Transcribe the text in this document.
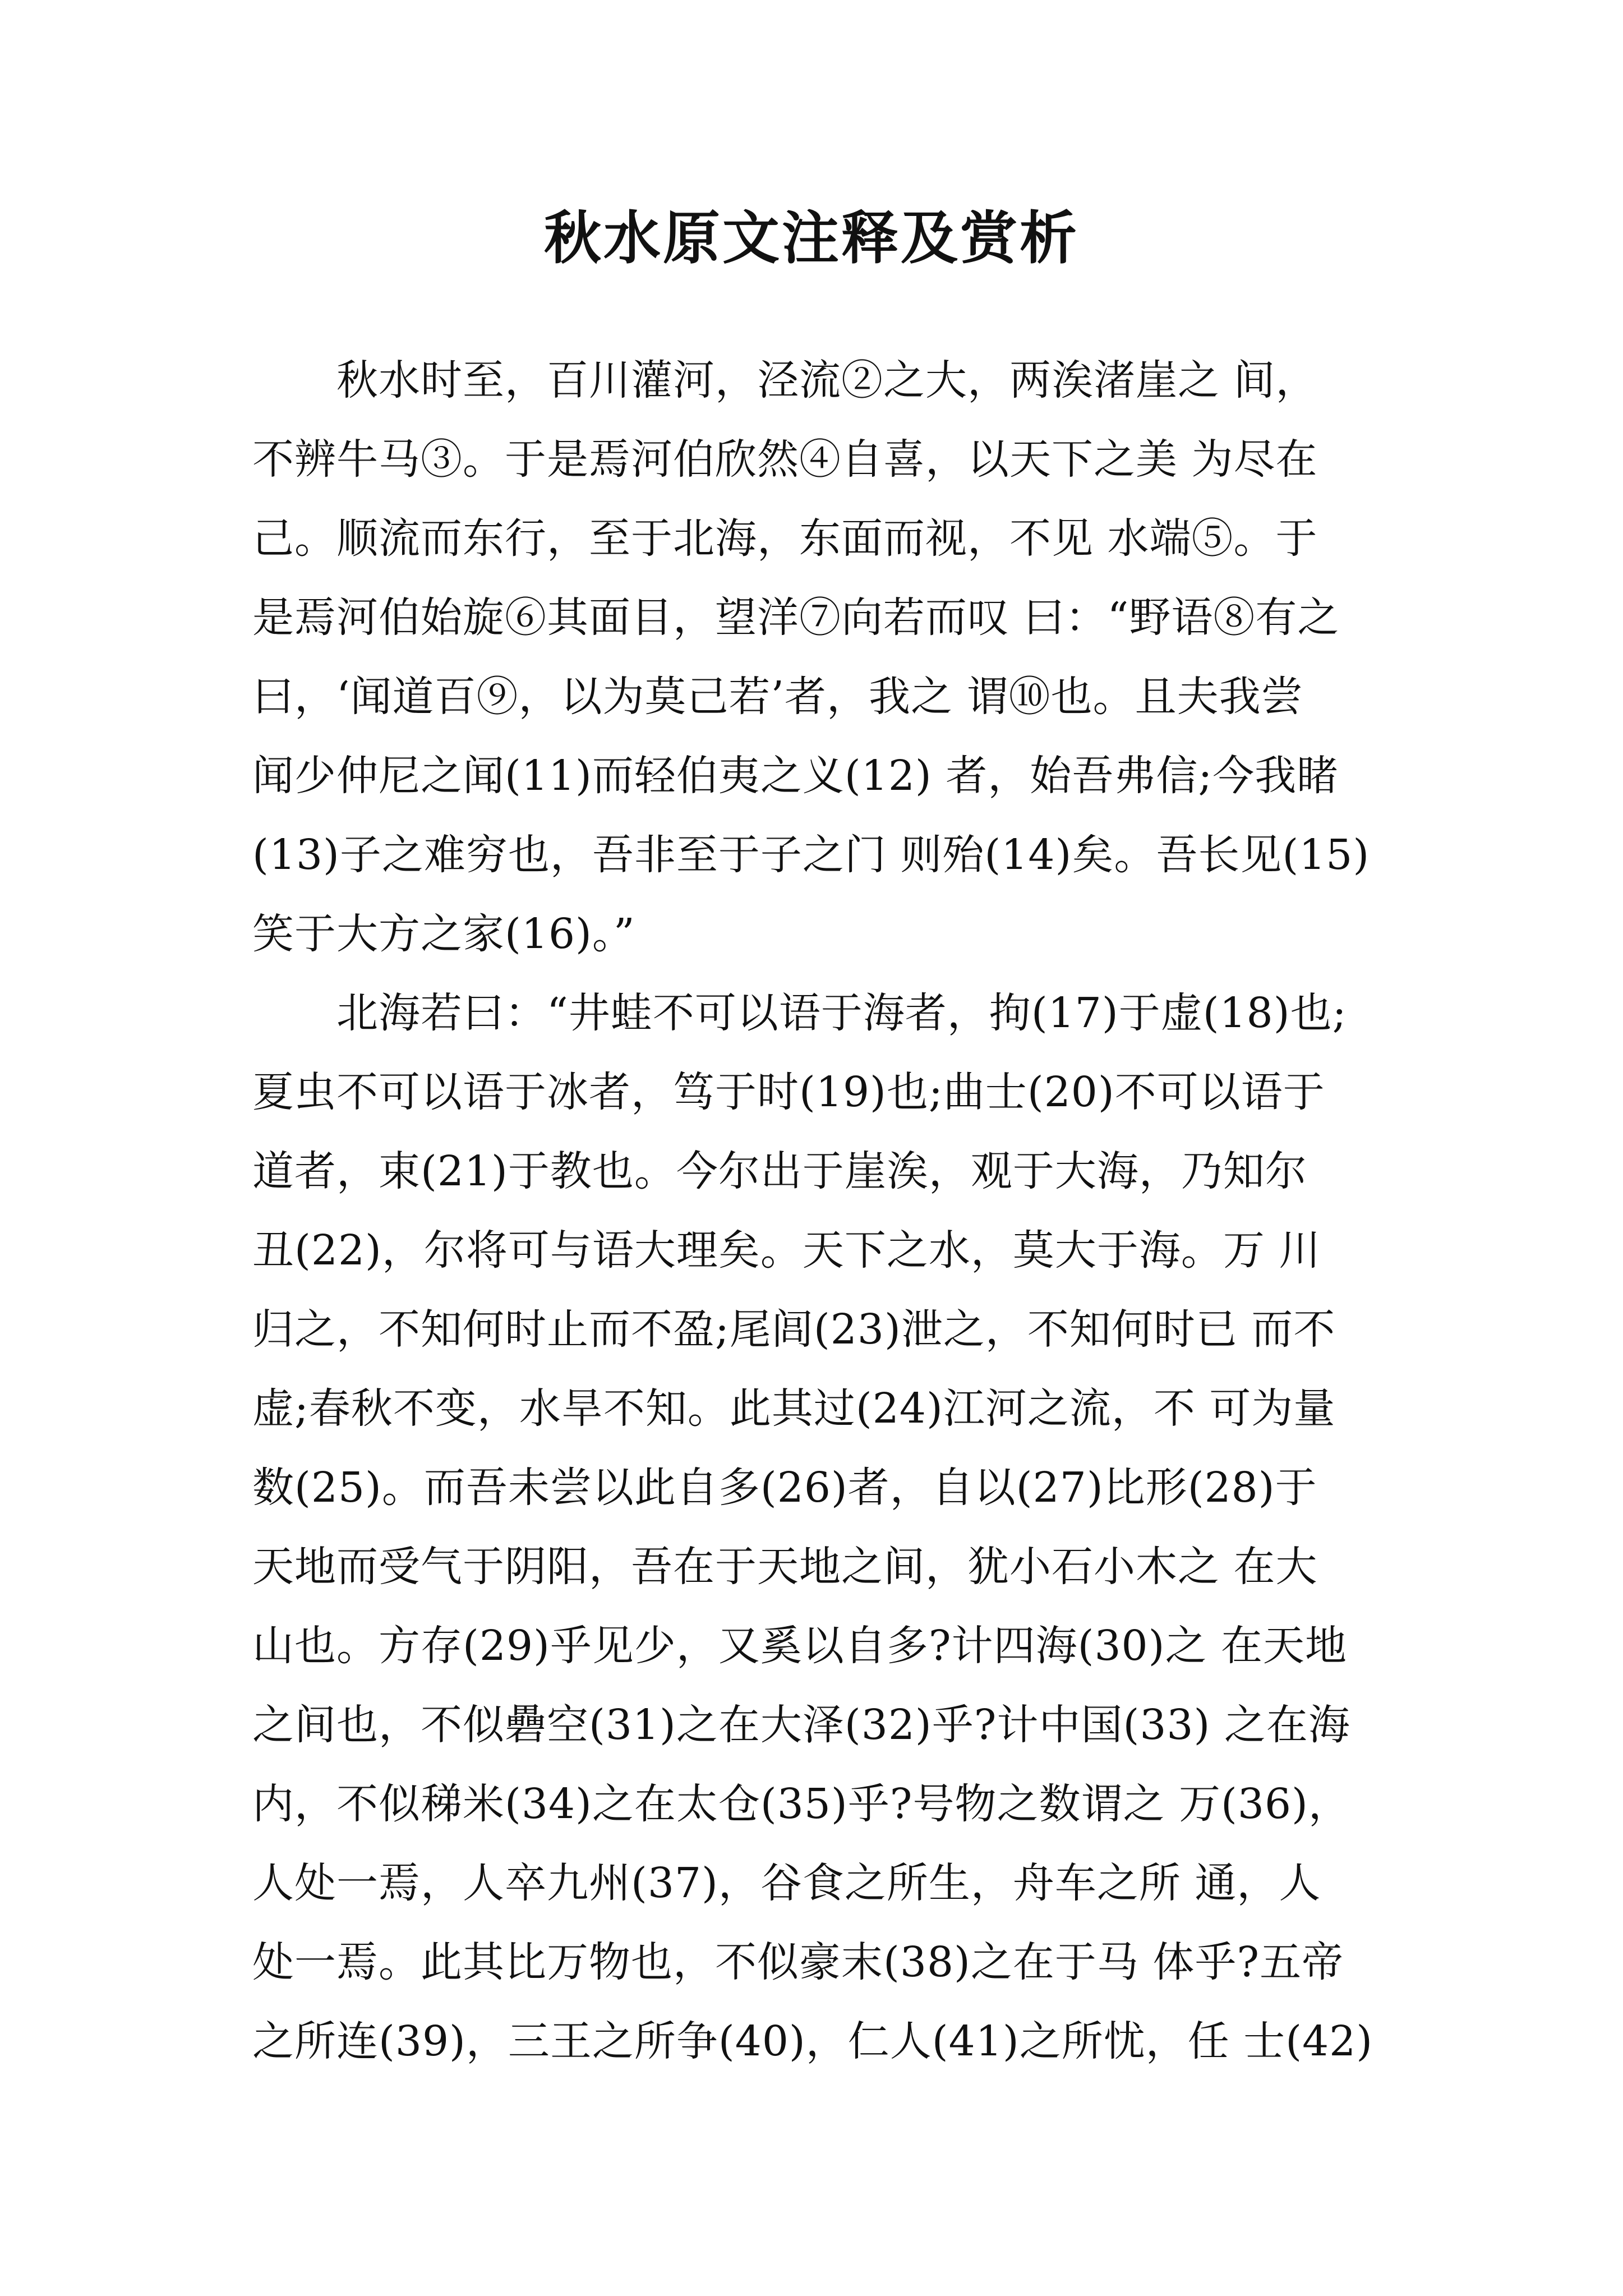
秋水原文注释及赏析
　　秋水时至，百川灌河，泾流②之大，两涘渚崖之 间，
不辨牛马③。于是焉河伯欣然④自喜，以天下之美 为尽在
己。顺流而东行，至于北海，东面而视，不见 水端⑤。于
是焉河伯始旋⑥其面目，望洋⑦向若而叹 曰：“野语⑧有之
曰，‘闻道百⑨，以为莫己若’者，我之 谓⑩也。且夫我尝
闻少仲尼之闻(11)而轻伯夷之义(12) 者，始吾弗信;今我睹
(13)子之难穷也，吾非至于子之门 则殆(14)矣。吾长见(15)
笑于大方之家(16)。”
　　北海若曰：“井蛙不可以语于海者，拘(17)于虚(18)也;
夏虫不可以语于冰者，笃于时(19)也;曲士(20)不可以语于
道者，束(21)于教也。今尔出于崖涘，观于大海，乃知尔
丑(22)，尔将可与语大理矣。天下之水，莫大于海。万 川
归之，不知何时止而不盈;尾闾(23)泄之，不知何时已 而不
虚;春秋不变，水旱不知。此其过(24)江河之流，不 可为量
数(25)。而吾未尝以此自多(26)者，自以(27)比形(28)于
天地而受气于阴阳，吾在于天地之间，犹小石小木之 在大
山也。方存(29)乎见少，又奚以自多?计四海(30)之 在天地
之间也，不似礨空(31)之在大泽(32)乎?计中国(33) 之在海
内，不似稊米(34)之在太仓(35)乎?号物之数谓之 万(36)，
人处一焉，人卒九州(37)，谷食之所生，舟车之所 通，人
处一焉。此其比万物也，不似豪末(38)之在于马 体乎?五帝
之所连(39)，三王之所争(40)，仁人(41)之所忧，任 士(42)
